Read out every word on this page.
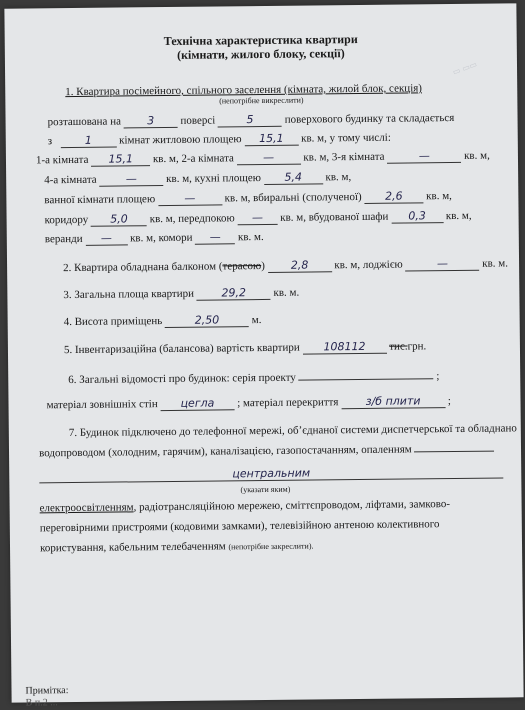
▭ ▭▭
Технічна характеристика квартири
(кімнати, жилого блоку, секції)
1. Квартира посімейного, спільного заселення (кімната, жилой блок, секція)
(непотрібне викреслити)
розташована на 3 поверсі	5	поверхового будинку та складається
з	1 кімнат житловою площею 15,1 кв. м, у тому числі:
1-а кімната 15,1 кв. м, 2-а кімната	—	кв. м, 3-я кімната	—	кв. м,
4-а кімната	—	кв. м, кухні площею 5,4 кв. м,
ванної кімнати площею	—	кв. м, вбиральні (сполученої) 2,6 кв. м,
коридору 5,0 кв. м, передпокою — кв. м, вбудованої шафи 0,3 кв. м,
веранди — кв. м, комори — кв. м.
2. Квартира обладнана балконом (терасою) 2,8 кв. м, лоджією	—	кв. м.
3. Загальна площа квартири 29,2 кв. м.
4. Висота приміщень	2,50	м.
5. Інвентаризаційна (балансова) вартість квартири 108112 тис.грн.
6. Загальні відомості про будинок: серія проекту	;
матеріал зовнішніх стін цегла ; матеріал перекриття з/б плити ;
7. Будинок підключено до телефонної мережі, об’єднаної системи диспетчерської та обладнано
водопроводом (холодним, гарячим), каналізацією, газопостачанням, опаленням
центральним
(указати яким)
електроосвітленням, радіотрансляційною мережею, сміттєпроводом, ліфтами, замково-
переговірними пристроями (кодовими замками), телевізійною антеною колективного
користування, кабельним телебаченням (непотрібне закреслити).
Примітка:
В п.2 ...
